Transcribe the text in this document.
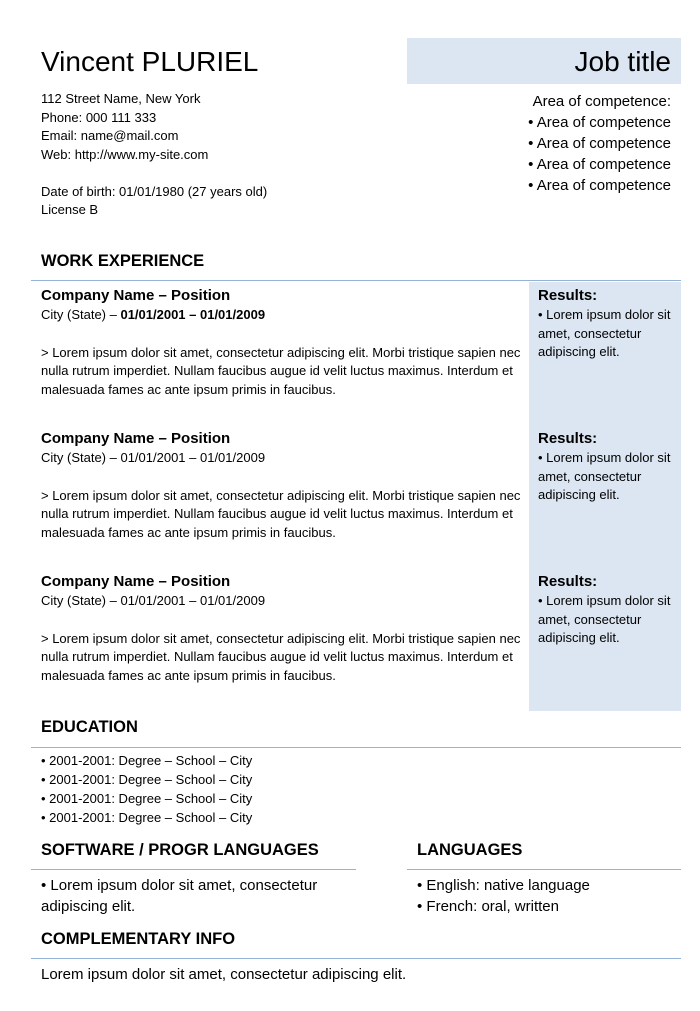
Vincent PLURIEL	Job title
112 Street Name, New York
Phone: 000 111 333
Email: name@mail.com
Web: http://www.my-site.com
Date of birth: 01/01/1980 (27 years old)
License B
Area of competence:
• Area of competence
• Area of competence
• Area of competence
• Area of competence
WORK EXPERIENCE
Company Name – Position
City (State) – 01/01/2001 – 01/01/2009
> Lorem ipsum dolor sit amet, consectetur adipiscing elit. Morbi tristique sapien nec nulla rutrum imperdiet. Nullam faucibus augue id velit luctus maximus. Interdum et malesuada fames ac ante ipsum primis in faucibus.
Results:
• Lorem ipsum dolor sit amet, consectetur adipiscing elit.
Company Name – Position
City (State) – 01/01/2001 – 01/01/2009
> Lorem ipsum dolor sit amet, consectetur adipiscing elit. Morbi tristique sapien nec nulla rutrum imperdiet. Nullam faucibus augue id velit luctus maximus. Interdum et malesuada fames ac ante ipsum primis in faucibus.
Results:
• Lorem ipsum dolor sit amet, consectetur adipiscing elit.
Company Name – Position
City (State) – 01/01/2001 – 01/01/2009
> Lorem ipsum dolor sit amet, consectetur adipiscing elit. Morbi tristique sapien nec nulla rutrum imperdiet. Nullam faucibus augue id velit luctus maximus. Interdum et malesuada fames ac ante ipsum primis in faucibus.
Results:
• Lorem ipsum dolor sit amet, consectetur adipiscing elit.
EDUCATION
• 2001-2001: Degree – School – City
• 2001-2001: Degree – School – City
• 2001-2001: Degree – School – City
• 2001-2001: Degree – School – City
SOFTWARE / PROGR LANGUAGES
• Lorem ipsum dolor sit amet, consectetur adipiscing elit.
LANGUAGES
• English: native language
• French: oral, written
COMPLEMENTARY INFO
Lorem ipsum dolor sit amet, consectetur adipiscing elit.
